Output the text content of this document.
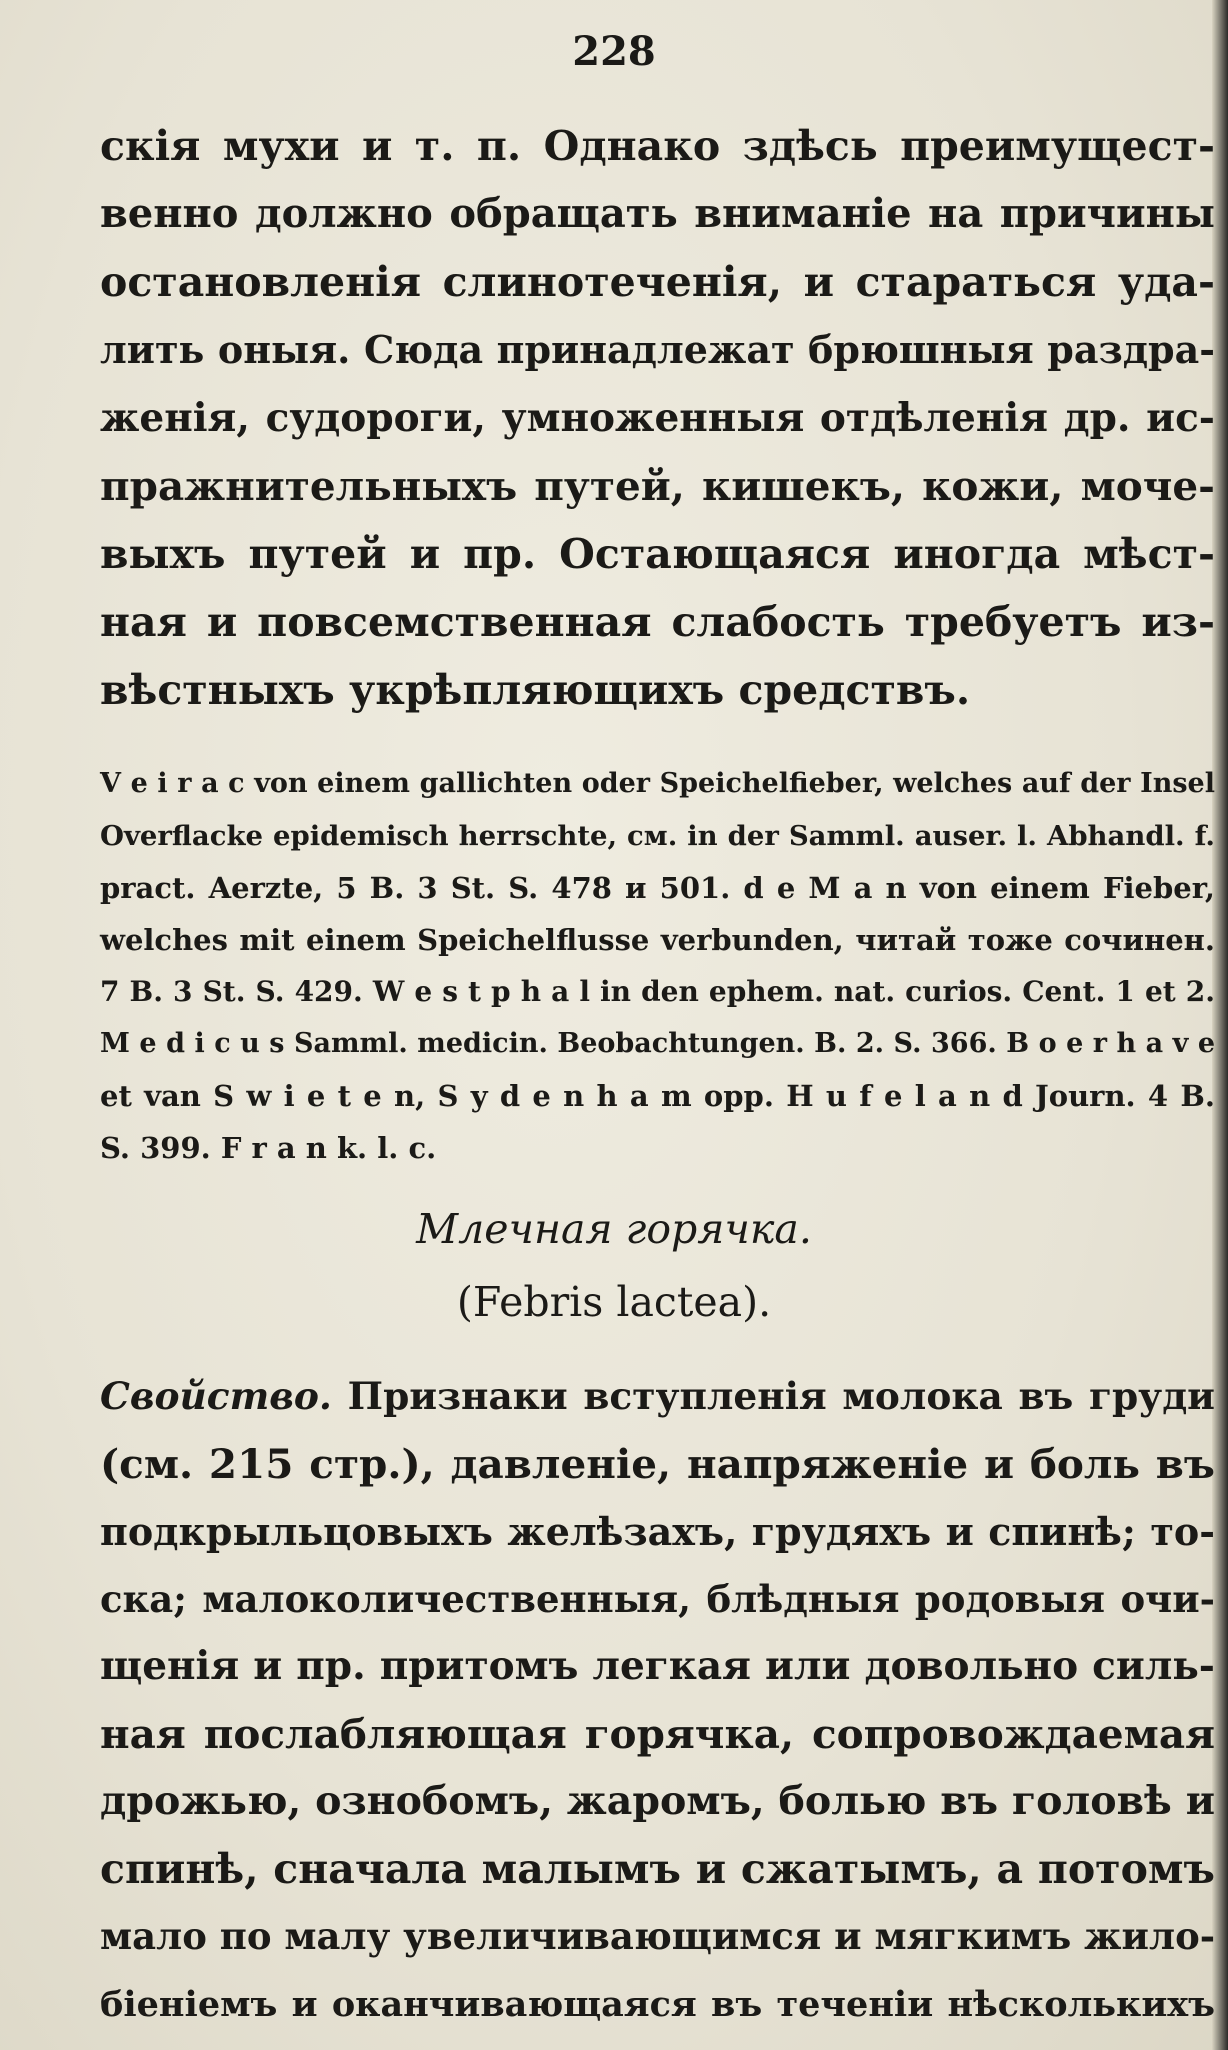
228
скія мухи и т. п. Однако здѣсь преимущест-
венно должно обращать вниманіе на причины
остановленія слинотеченія, и стараться уда-
лить оныя. Сюда принадлежат брюшныя раздра-
женія, судороги, умноженныя отдѣленія др. ис-
пражнительныхъ путей, кишекъ, кожи, моче-
выхъ путей и пр. Остающаяся иногда мѣст-
ная и повсемственная слабость требуетъ из-
вѣстныхъ укрѣпляющихъ средствъ.
V e i r a c von einem gallichten oder Speichelfieber, welches auf der Insel
Overflacke epidemisch herrschte, см. in der Samml. auser. l. Abhandl. f.
pract. Aerzte, 5 B. 3 St. S. 478 и 501. d e M a n von einem Fieber,
welches mit einem Speichelflusse verbunden, читай тоже сочинен.
7 B. 3 St. S. 429. W e s t p h a l in den ephem. nat. curios. Cent. 1 et 2.
M e d i c u s Samml. medicin. Beobachtungen. B. 2. S. 366. B o e r h a v e
et van S w i e t e n, S y d e n h a m opp. H u f e l a n d Journ. 4 B.
S. 399. F r a n k. l. c.
Млечная горячка.
(Febris lactea).
Свойство. Признаки вступленія молока въ груди
(см. 215 стр.), давленіе, напряженіе и боль въ
подкрыльцовыхъ желѣзахъ, грудяхъ и спинѣ; то-
ска; малоколичественныя, блѣдныя родовыя очи-
щенія и пр. притомъ легкая или довольно силь-
ная послабляющая горячка, сопровождаемая
дрожью, ознобомъ, жаромъ, болью въ головѣ и
спинѣ, сначала малымъ и сжатымъ, а потомъ
мало по малу увеличивающимся и мягкимъ жило-
біеніемъ и оканчивающаяся въ теченіи нѣсколькихъ
